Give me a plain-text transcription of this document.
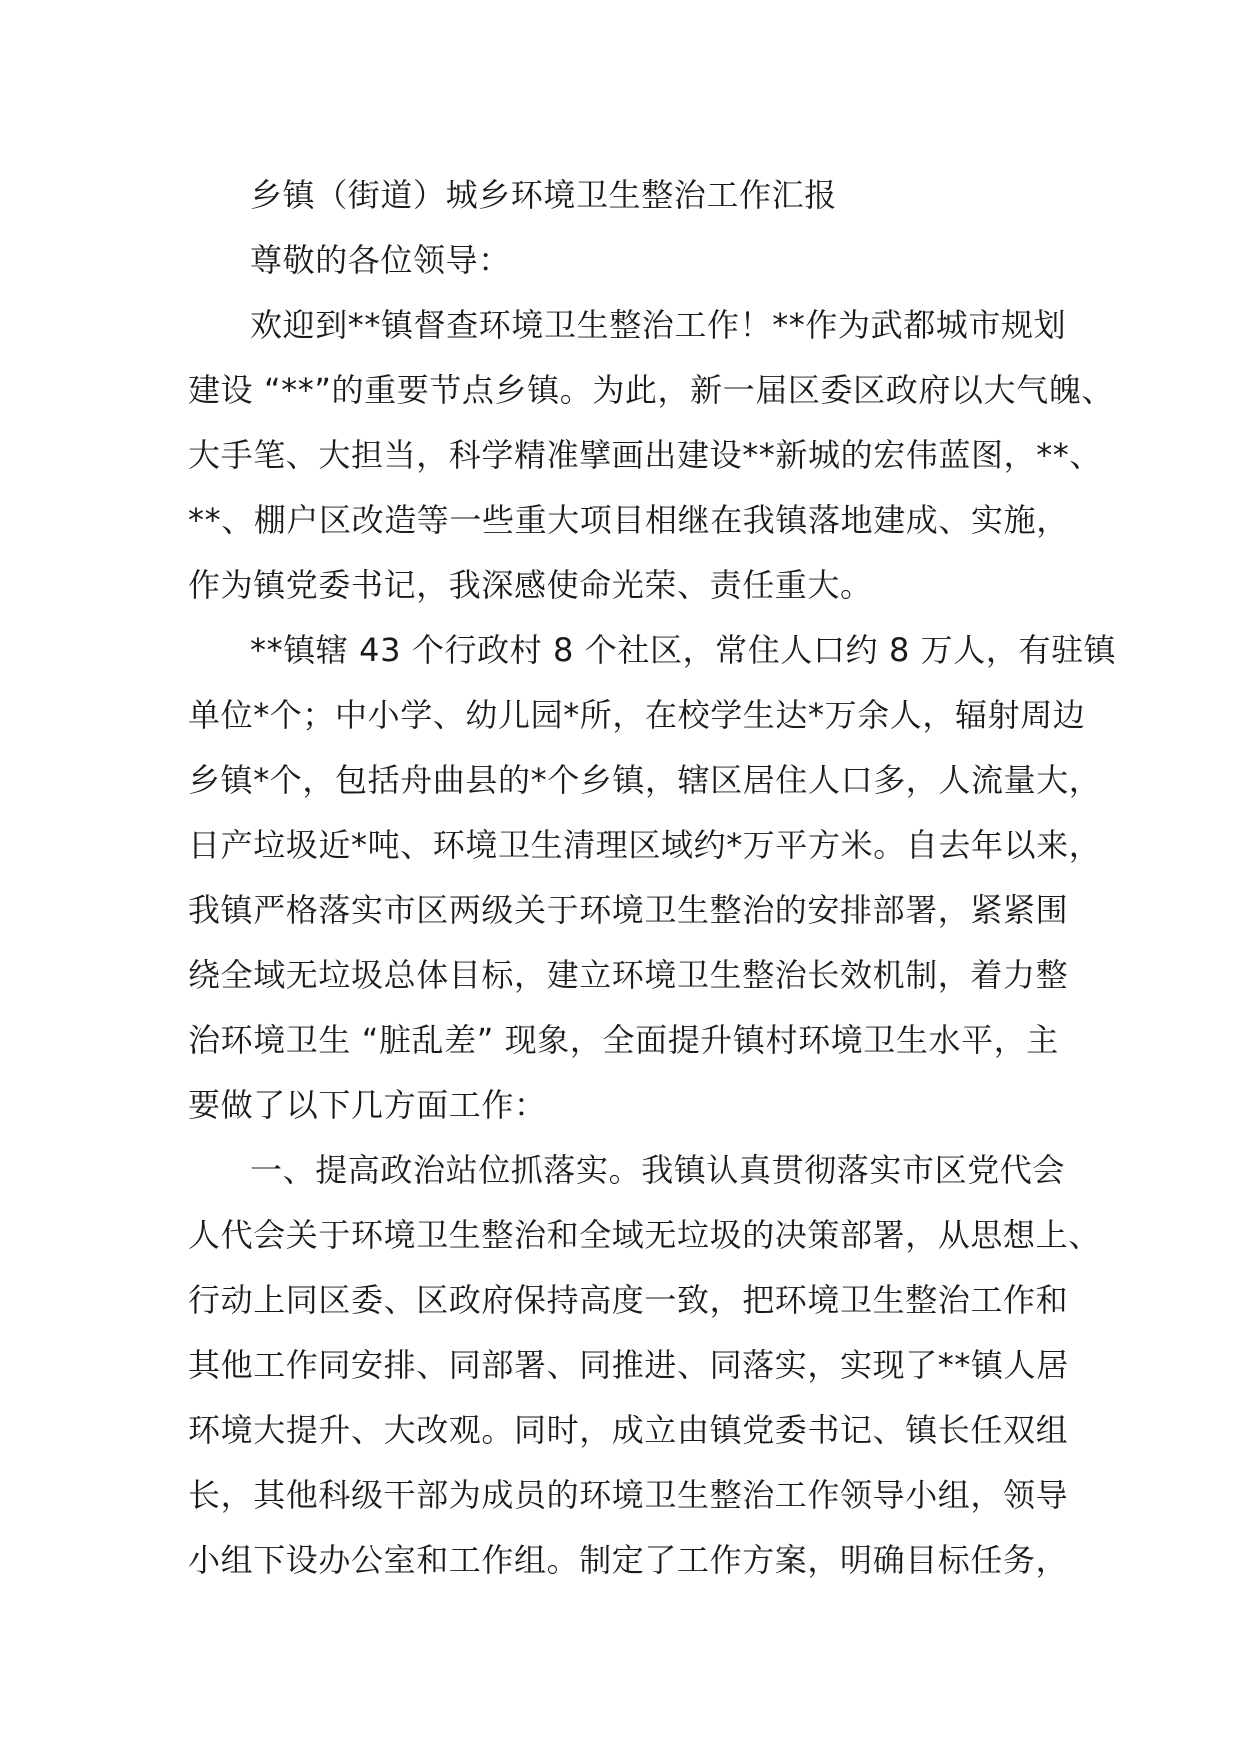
乡镇（街道）城乡环境卫生整治工作汇报
尊敬的各位领导：
欢迎到**镇督查环境卫生整治工作！**作为武都城市规划
建设 “**”的重要节点乡镇。为此，新一届区委区政府以大气魄、
大手笔、大担当，科学精准擘画出建设**新城的宏伟蓝图，**、
**、棚户区改造等一些重大项目相继在我镇落地建成、实施，
作为镇党委书记，我深感使命光荣、责任重大。
**镇辖 43 个行政村 8 个社区，常住人口约 8 万人，有驻镇
单位*个；中小学、幼儿园*所，在校学生达*万余人，辐射周边
乡镇*个，包括舟曲县的*个乡镇，辖区居住人口多，人流量大，
日产垃圾近*吨、环境卫生清理区域约*万平方米。自去年以来，
我镇严格落实市区两级关于环境卫生整治的安排部署，紧紧围
绕全域无垃圾总体目标，建立环境卫生整治长效机制，着力整
治环境卫生 “脏乱差” 现象，全面提升镇村环境卫生水平，主
要做了以下几方面工作：
一、提高政治站位抓落实。我镇认真贯彻落实市区党代会
人代会关于环境卫生整治和全域无垃圾的决策部署，从思想上、
行动上同区委、区政府保持高度一致，把环境卫生整治工作和
其他工作同安排、同部署、同推进、同落实，实现了**镇人居
环境大提升、大改观。同时，成立由镇党委书记、镇长任双组
长，其他科级干部为成员的环境卫生整治工作领导小组，领导
小组下设办公室和工作组。制定了工作方案，明确目标任务，
